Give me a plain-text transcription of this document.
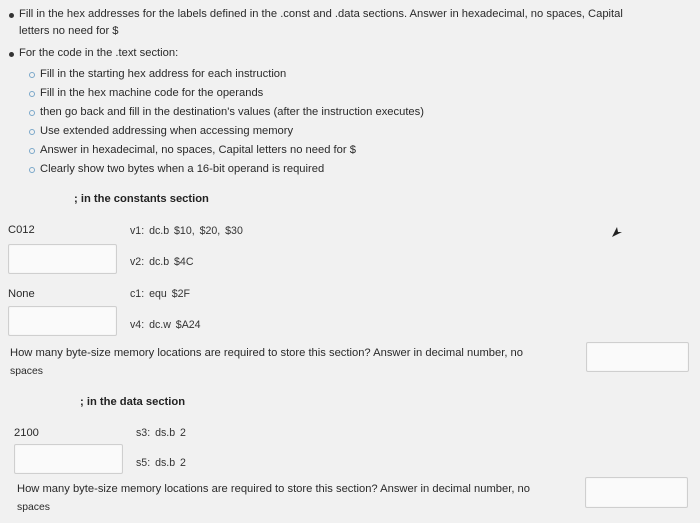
Fill in the hex addresses for the labels defined in the .const and .data sections. Answer in hexadecimal, no spaces, Capital
letters no need for $
For the code in the .text section:
Fill in the starting hex address for each instruction
Fill in the hex machine code for the operands
then go back and fill in the destination's values (after the instruction executes)
Use extended addressing when accessing memory
Answer in hexadecimal, no spaces, Capital letters no need for $
Clearly show two bytes when a 16-bit operand is required
; in the constants section
C012	v1: dc.b $10, $20, $30
v2: dc.b $4C
None	c1: equ $2F
v4: dc.w $A24
How many byte-size memory locations are required to store this section? Answer in decimal number, no
spaces
; in the data section
2100	s3: ds.b 2
s5: ds.b 2
How many byte-size memory locations are required to store this section? Answer in decimal number, no
spaces
